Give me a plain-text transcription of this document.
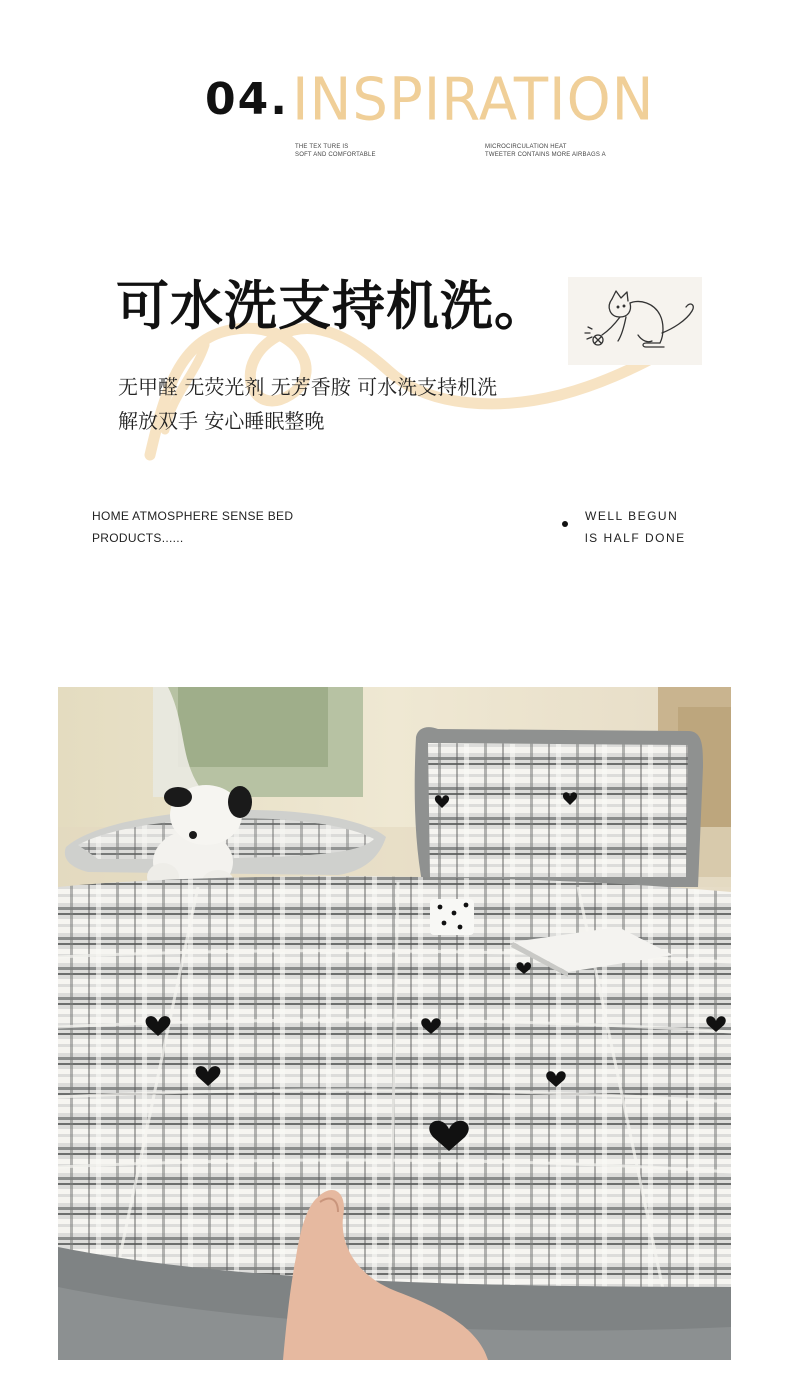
04. INSPIRATION
THE TEX TURE IS
SOFT AND COMFORTABLE
MICROCIRCULATION HEAT
TWEETER CONTAINS MORE AIRBAGS A
可水洗支持机洗。
无甲醛 无荧光剂 无芳香胺 可水洗支持机洗
解放双手 安心睡眠整晚
HOME ATMOSPHERE SENSE BED
PRODUCTS......
WELL BEGUN
lS HALF DONE
